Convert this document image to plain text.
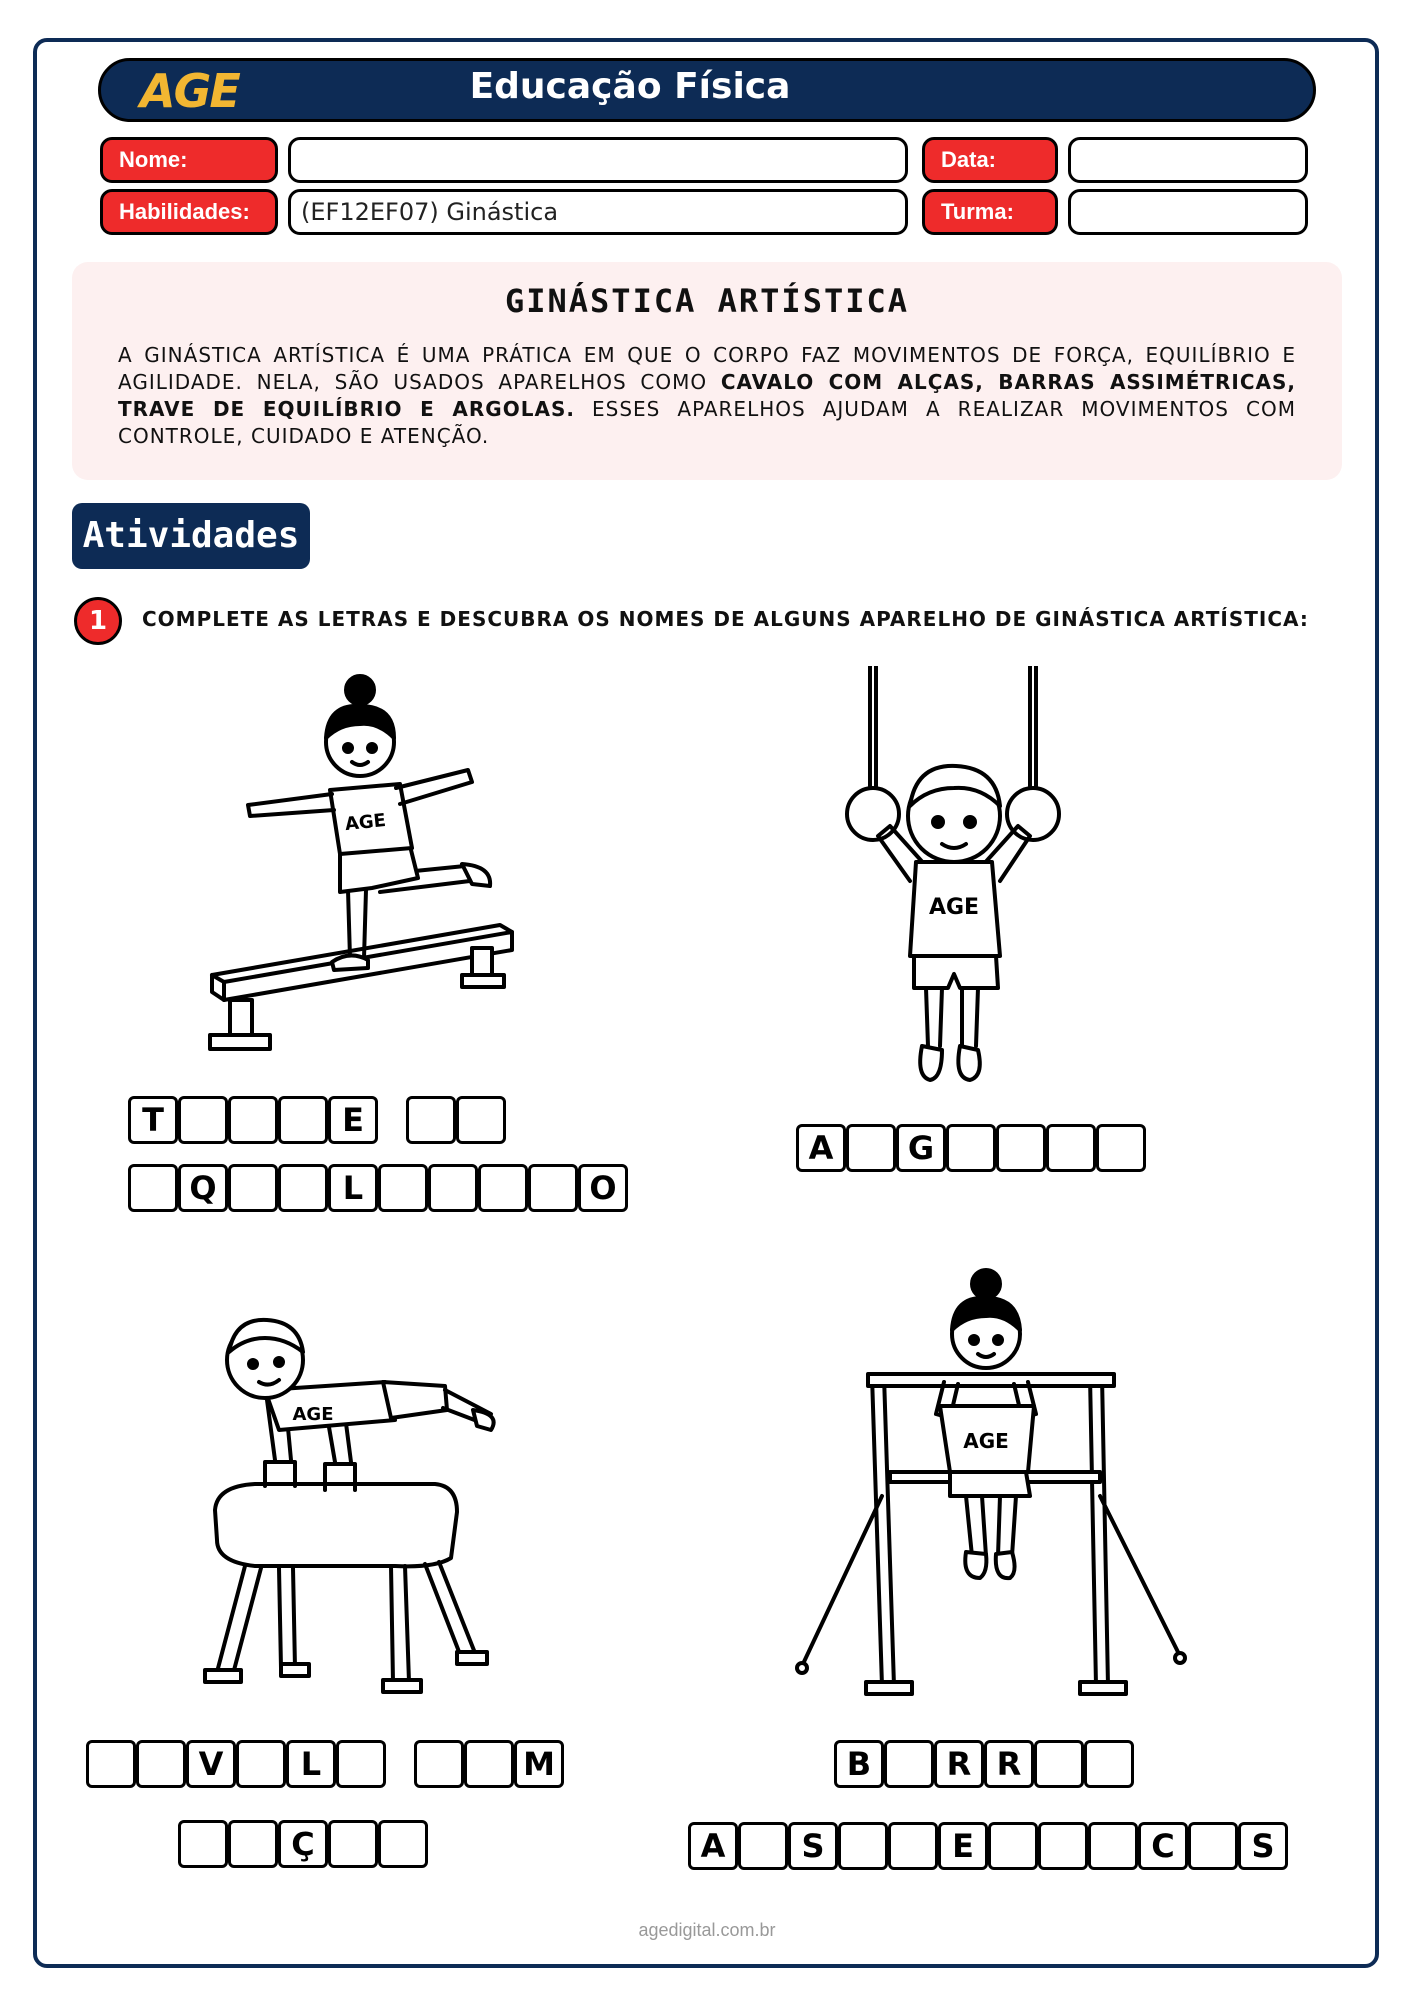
AGE	Educação Física
Nome:	Data:
Habilidades:	(EF12EF07) Ginástica	Turma:
GINÁSTICA ARTÍSTICA
A GINÁSTICA ARTÍSTICA É UMA PRÁTICA EM QUE O CORPO FAZ MOVIMENTOS DE FORÇA, EQUILÍBRIO E AGILIDADE. NELA, SÃO USADOS APARELHOS COMO CAVALO COM ALÇAS, BARRAS ASSIMÉTRICAS, TRAVE DE EQUILÍBRIO E ARGOLAS. ESSES APARELHOS AJUDAM A REALIZAR MOVIMENTOS COM CONTROLE, CUIDADO E ATENÇÃO.
Atividades
1	COMPLETE AS LETRAS E DESCUBRA OS NOMES DE ALGUNS APARELHO DE GINÁSTICA ARTÍSTICA:
AGE
AGE
AGE
AGE
T	E
Q	L	O
A	G
V	L	M
Ç
B	R R
A	S	E	C	S
agedigital.com.br
